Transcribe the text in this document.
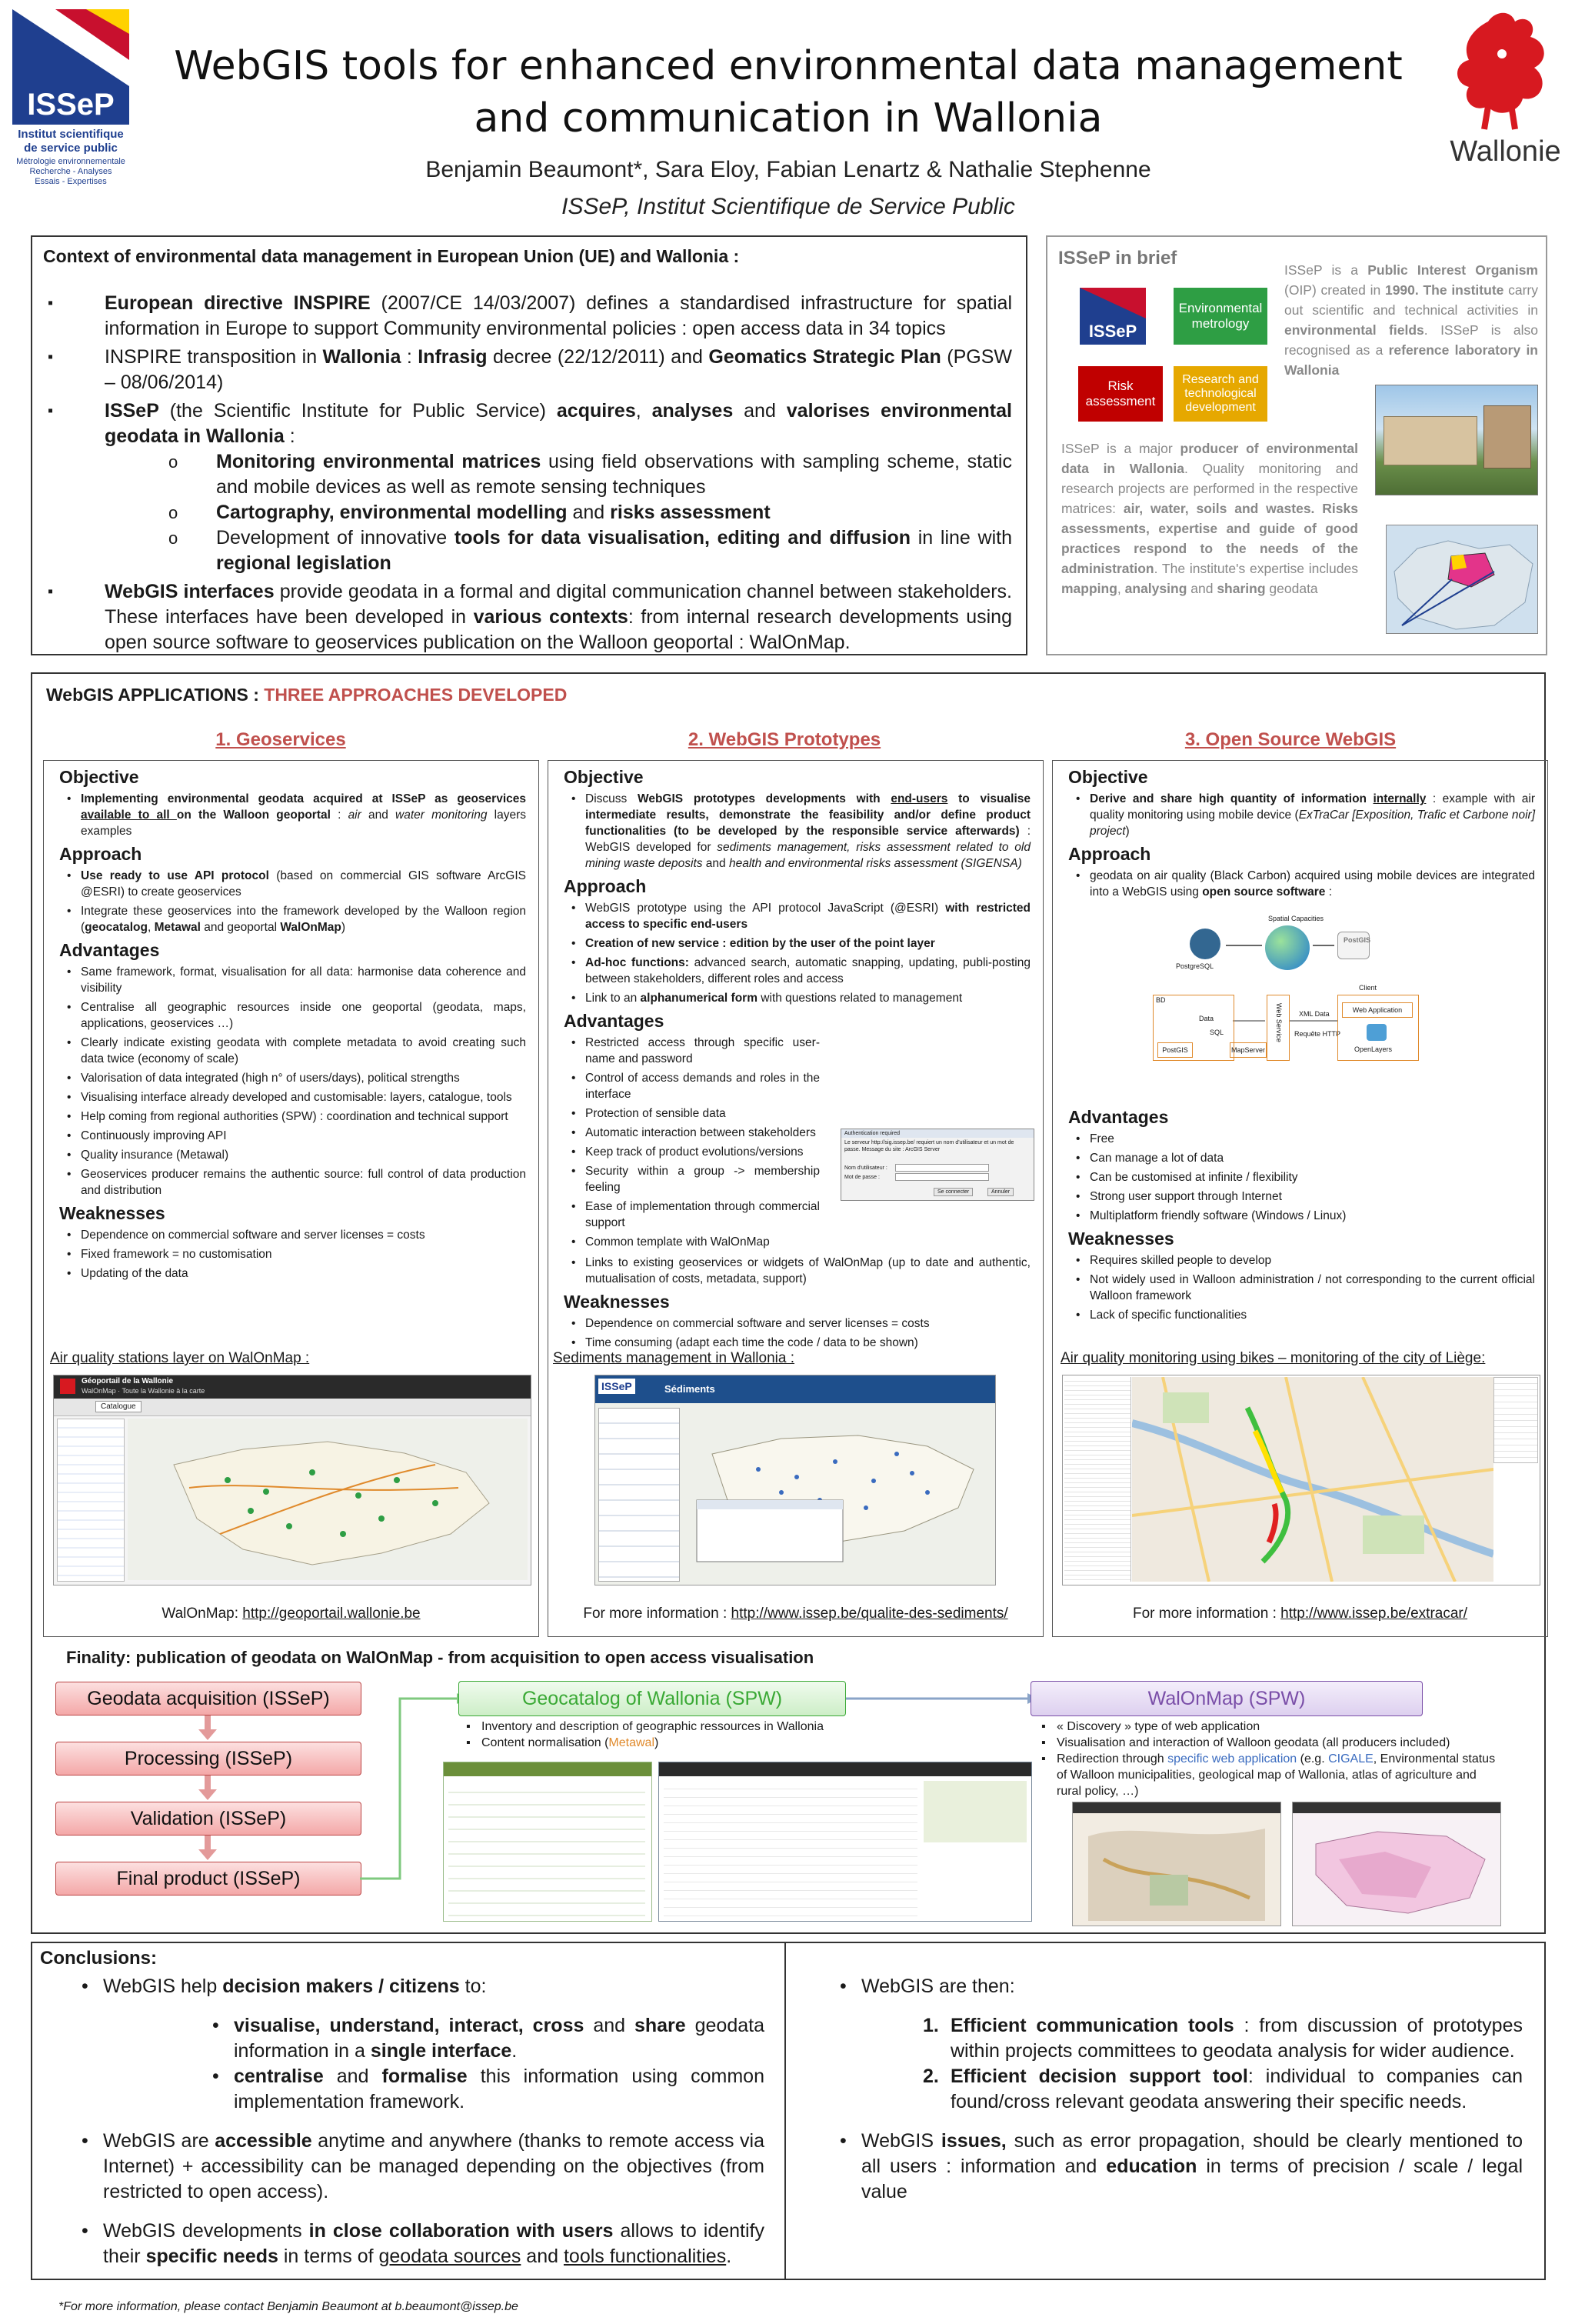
ISSeP
Institut scientifique
de service public
Métrologie environnementale
Recherche - Analyses
Essais - Expertises
WebGIS tools for enhanced environmental data management
and communication in Wallonia
Benjamin Beaumont*, Sara Eloy, Fabian Lenartz & Nathalie Stephenne
ISSeP, Institut Scientifique de Service Public
Wallonie
Context of environmental data management in European Union (UE) and Wallonia :
▪ European directive INSPIRE (2007/CE 14/03/2007) defines a standardised infrastructure for spatial information in Europe to support Community environmental policies : open access data in 34 topics
▪ INSPIRE transposition in Wallonia : Infrasig decree (22/12/2011) and Geomatics Strategic Plan (PGSW – 08/06/2014)
▪ ISSeP (the Scientific Institute for Public Service) acquires, analyses and valorises environmental geodata in Wallonia :
o Monitoring environmental matrices using field observations with sampling scheme, static and mobile devices as well as remote sensing techniques
o Cartography, environmental modelling and risks assessment
o Development of innovative tools for data visualisation, editing and diffusion in line with regional legislation
▪ WebGIS interfaces provide geodata in a formal and digital communication channel between stakeholders. These interfaces have been developed in various contexts: from internal research developments using open source software to geoservices publication on the Walloon geoportal : WalOnMap.
ISSeP in brief
ISSeP
Environmental metrology
Risk assessment
Research and technological development
ISSeP is a Public Interest Organism (OIP) created in 1990. The institute carry out scientific and technical activities in environmental fields. ISSeP is also recognised as a reference laboratory in Wallonia
ISSeP is a major producer of environmental data in Wallonia. Quality monitoring and research projects are performed in the respective matrices: air, water, soils and wastes. Risks assessments, expertise and guide of good practices respond to the needs of the administration. The institute's expertise includes mapping, analysing and sharing geodata
WebGIS APPLICATIONS : THREE APPROACHES DEVELOPED
1. Geoservices
Objective
• Implementing environmental geodata acquired at ISSeP as geoservices available to all on the Walloon geoportal : air and water monitoring layers examples
Approach
• Use ready to use API protocol (based on commercial GIS software ArcGIS @ESRI) to create geoservices
• Integrate these geoservices into the framework developed by the Walloon region (geocatalog, Metawal and geoportal WalOnMap)
Advantages
• Same framework, format, visualisation for all data: harmonise data coherence and visibility
• Centralise all geographic resources inside one geoportal (geodata, maps, applications, geoservices …)
• Clearly indicate existing geodata with complete metadata to avoid creating such data twice (economy of scale)
• Valorisation of data integrated (high n° of users/days), political strengths
• Visualising interface already developed and customisable: layers, catalogue, tools
• Help coming from regional authorities (SPW) : coordination and technical support
• Continuously improving API
• Quality insurance (Metawal)
• Geoservices producer remains the authentic source: full control of data production and distribution
Weaknesses
• Dependence on commercial software and server licenses = costs
• Fixed framework = no customisation
• Updating of the data
Air quality stations layer on WalOnMap :
Géoportail de la Wallonie
WalOnMap · Toute la Wallonie à la carte
Catalogue
WalOnMap: http://geoportail.wallonie.be
2. WebGIS Prototypes
Objective
• Discuss WebGIS prototypes developments with end-users to visualise intermediate results, demonstrate the feasibility and/or define product functionalities (to be developed by the responsible service afterwards) : WebGIS developed for sediments management, risks assessment related to old mining waste deposits and health and environmental risks assessment (SIGENSA)
Approach
• WebGIS prototype using the API protocol JavaScript (@ESRI) with restricted access to specific end-users
• Creation of new service : edition by the user of the point layer
• Ad-hoc functions: advanced search, automatic snapping, updating, publi-posting between stakeholders, different roles and access
• Link to an alphanumerical form with questions related to management
Advantages
• Restricted access through specific user-name and password
• Control of access demands and roles in the interface
• Protection of sensible data
• Automatic interaction between stakeholders
• Keep track of product evolutions/versions
• Security within a group -> membership feeling
• Ease of implementation through commercial support
• Common template with WalOnMap
• Links to existing geoservices or widgets of WalOnMap (up to date and authentic, mutualisation of costs, metadata, support)
Weaknesses
• Dependence on commercial software and server licenses = costs
• Time consuming (adapt each time the code / data to be shown)
Authentication required
Le serveur http://sig.issep.be/ requiert un nom d'utilisateur et un mot de passe. Message du site : ArcGIS Server
Nom d'utilisateur :
Mot de passe :
Se connecter	Annuler
Sediments management in Wallonia :
ISSeP	Sédiments
For more information : http://www.issep.be/qualite-des-sediments/
3. Open Source WebGIS
Objective
• Derive and share high quantity of information internally : example with air quality monitoring using mobile device (ExTraCar [Exposition, Trafic et Carbone noir] project)
Approach
• geodata on air quality (Black Carbon) acquired using mobile devices are integrated into a WebGIS using open source software :
PostgreSQL
Spatial Capacities
PostGIS
Client
BD
Data
SQL
PostGIS	MapServer
Web Service XML Data
Requête HTTP
Web Application
OpenLayers
Advantages
• Free
• Can manage a lot of data
• Can be customised at infinite / flexibility
• Strong user support through Internet
• Multiplatform friendly software (Windows / Linux)
Weaknesses
• Requires skilled people to develop
• Not widely used in Walloon administration / not corresponding to the current official Walloon framework
• Lack of specific functionalities
Air quality monitoring using bikes – monitoring of the city of Liège:
For more information : http://www.issep.be/extracar/
Finality: publication of geodata on WalOnMap - from acquisition to open access visualisation
Geodata acquisition (ISSeP)
Processing (ISSeP)
Validation (ISSeP)
Final product (ISSeP)
Geocatalog of Wallonia (SPW)	WalOnMap (SPW)
▪ Inventory and description of geographic ressources in Wallonia
▪ Content normalisation (Metawal)
▪ « Discovery » type of web application
▪ Visualisation and interaction of Walloon geodata (all producers included)
▪ Redirection through specific web application (e.g. CIGALE, Environmental status of Walloon municipalities, geological map of Wallonia, atlas of agriculture and rural policy, …)
Conclusions:
• WebGIS help decision makers / citizens to:
• visualise, understand, interact, cross and share geodata information in a single interface.
• centralise and formalise this information using common implementation framework.
• WebGIS are accessible anytime and anywhere (thanks to remote access via Internet) + accessibility can be managed depending on the objectives (from restricted to open access).
• WebGIS developments in close collaboration with users allows to identify their specific needs in terms of geodata sources and tools functionalities.
• WebGIS are then:
1. Efficient communication tools : from discussion of prototypes within projects committees to geodata analysis for wider audience.
2. Efficient decision support tool: individual to companies can found/cross relevant geodata answering their specific needs.
• WebGIS issues, such as error propagation, should be clearly mentioned to all users : information and education in terms of precision / scale / legal value
*For more information, please contact Benjamin Beaumont at b.beaumont@issep.be
